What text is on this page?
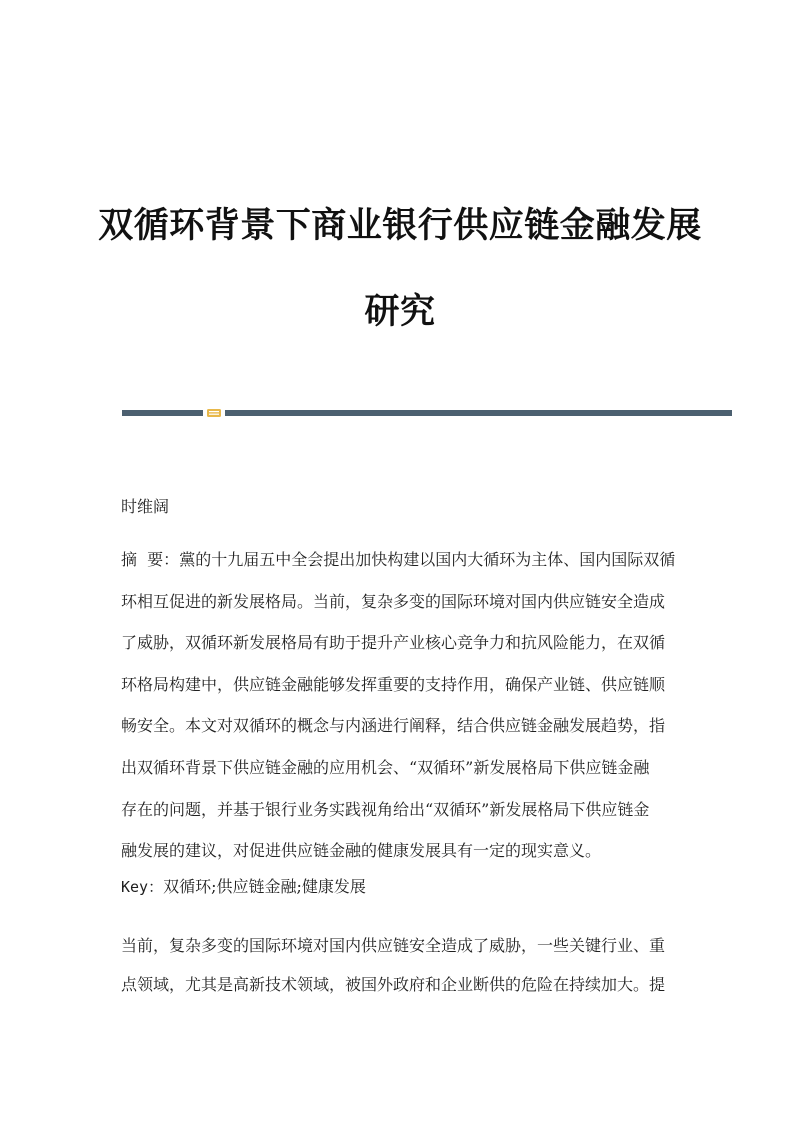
双循环背景下商业银行供应链金融发展
研究
时维阔

摘  要：黨的十九届五中全会提出加快构建以国内大循环为主体、国内国际双循

环相互促进的新发展格局。当前，复杂多变的国际环境对国内供应链安全造成

了威胁，双循环新发展格局有助于提升产业核心竞争力和抗风险能力，在双循

环格局构建中，供应链金融能够发挥重要的支持作用，确保产业链、供应链顺

畅安全。本文对双循环的概念与内涵进行阐释，结合供应链金融发展趋势，指

出双循环背景下供应链金融的应用机会、“双循环”新发展格局下供应链金融

存在的问题，并基于银行业务实践视角给出“双循环”新发展格局下供应链金

融发展的建议，对促进供应链金融的健康发展具有一定的现实意义。

Key：双循环;供应链金融;健康发展

当前，复杂多变的国际环境对国内供应链安全造成了威胁，一些关键行业、重

点领域，尤其是高新技术领域，被国外政府和企业断供的危险在持续加大。提
